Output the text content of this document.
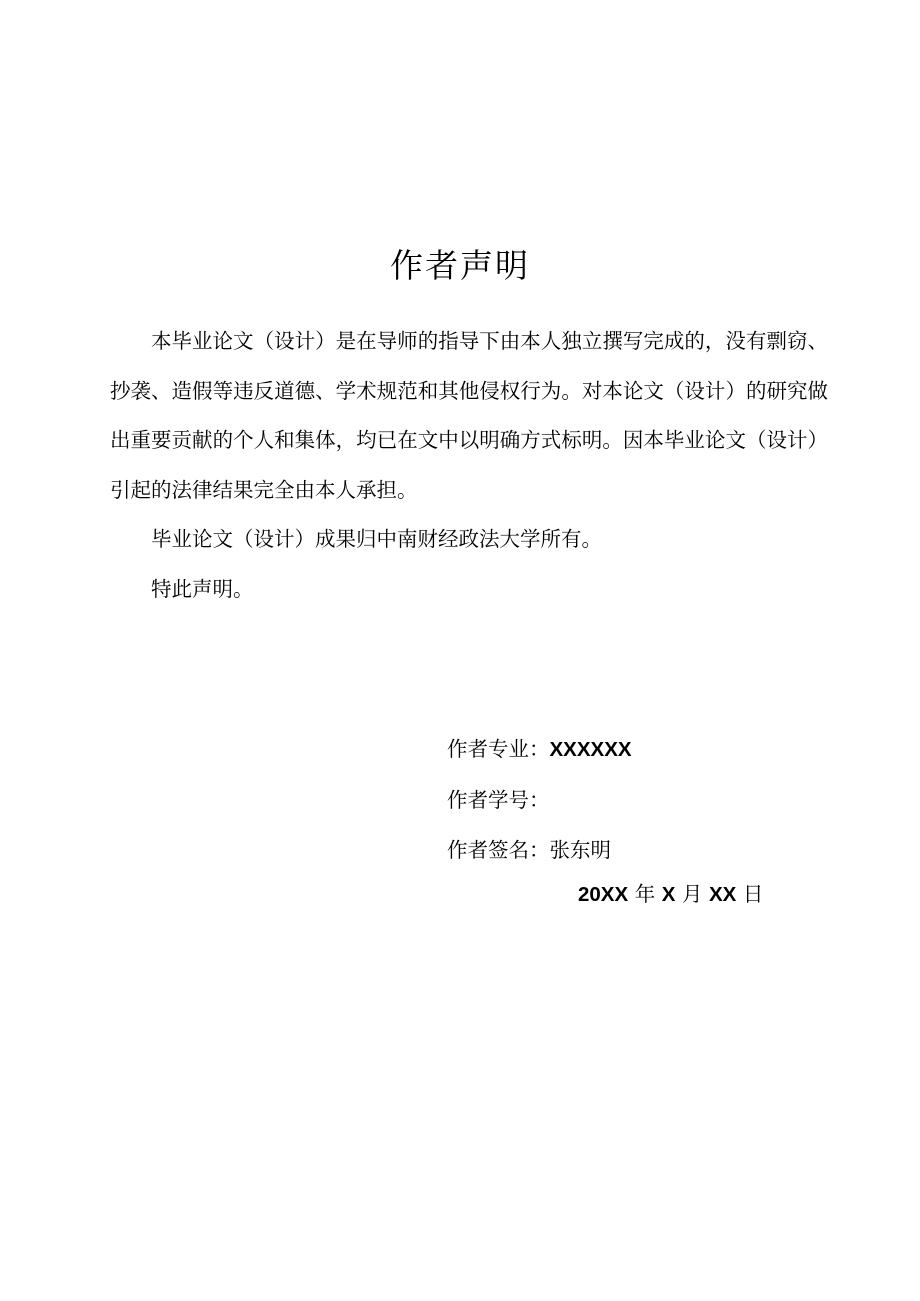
作者声明

本毕业论文（设计）是在导师的指导下由本人独立撰写完成的，没有剽窃、抄袭、造假等违反道德、学术规范和其他侵权行为。对本论文（设计）的研究做出重要贡献的个人和集体，均已在文中以明确方式标明。因本毕业论文（设计）引起的法律结果完全由本人承担。

毕业论文（设计）成果归中南财经政法大学所有。

特此声明。

作者专业：XXXXXX
作者学号：
作者签名：张东明
20XX 年 X 月 XX 日
